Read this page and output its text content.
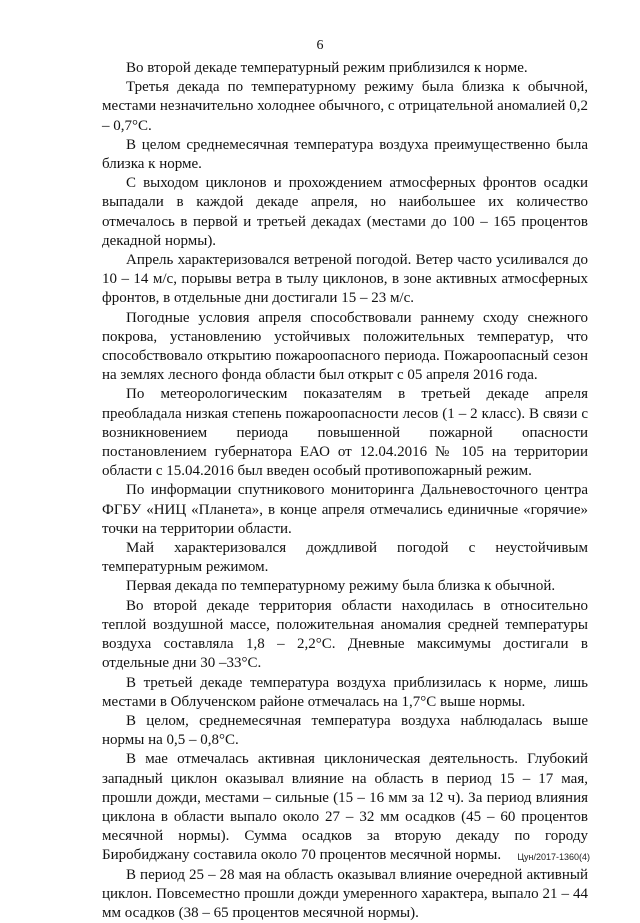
6

Во второй декаде температурный режим приблизился к норме.

Третья декада по температурному режиму была близка к обычной, местами незначительно холоднее обычного, с отрицательной аномалией 0,2 – 0,7°С.

В целом среднемесячная температура воздуха преимущественно была близка к норме.

С выходом циклонов и прохождением атмосферных фронтов осадки выпадали в каждой декаде апреля, но наибольшее их количество отмечалось в первой и третьей декадах (местами до 100 – 165 процентов декадной нормы).

Апрель характеризовался ветреной погодой. Ветер часто усиливался до 10 – 14 м/с, порывы ветра в тылу циклонов, в зоне активных атмосферных фронтов, в отдельные дни достигали 15 – 23 м/с.

Погодные условия апреля способствовали раннему сходу снежного покрова, установлению устойчивых положительных температур, что способствовало открытию пожароопасного периода. Пожароопасный сезон на землях лесного фонда области был открыт с 05 апреля 2016 года.

По метеорологическим показателям в третьей декаде апреля преобладала низкая степень пожароопасности лесов (1 – 2 класс). В связи с возникновением периода повышенной пожарной опасности постановлением губернатора ЕАО от 12.04.2016 № 105 на территории области с 15.04.2016 был введен особый противопожарный режим.

По информации спутникового мониторинга Дальневосточного центра ФГБУ «НИЦ «Планета», в конце апреля отмечались единичные «горячие» точки на территории области.

Май характеризовался дождливой погодой с неустойчивым температурным режимом.

Первая декада по температурному режиму была близка к обычной.

Во второй декаде территория области находилась в относительно теплой воздушной массе, положительная аномалия средней температуры воздуха составляла 1,8 – 2,2°С. Дневные максимумы достигали в отдельные дни 30 –33°С.

В третьей декаде температура воздуха приблизилась к норме, лишь местами в Облученском районе отмечалась на 1,7°С выше нормы.

В целом, среднемесячная температура воздуха наблюдалась выше нормы на 0,5 – 0,8°С.

В мае отмечалась активная циклоническая деятельность. Глубокий западный циклон оказывал влияние на область в период 15 – 17 мая, прошли дожди, местами – сильные (15 – 16 мм за 12 ч). За период влияния циклона в области выпало около 27 – 32 мм осадков (45 – 60 процентов месячной нормы). Сумма осадков за вторую декаду по городу Биробиджану составила около 70 процентов месячной нормы.

В период 25 – 28 мая на область оказывал влияние очередной активный циклон. Повсеместно прошли дожди умеренного характера, выпало 21 – 44 мм осадков (38 – 65 процентов месячной нормы).

Цун/2017-1360(4)
